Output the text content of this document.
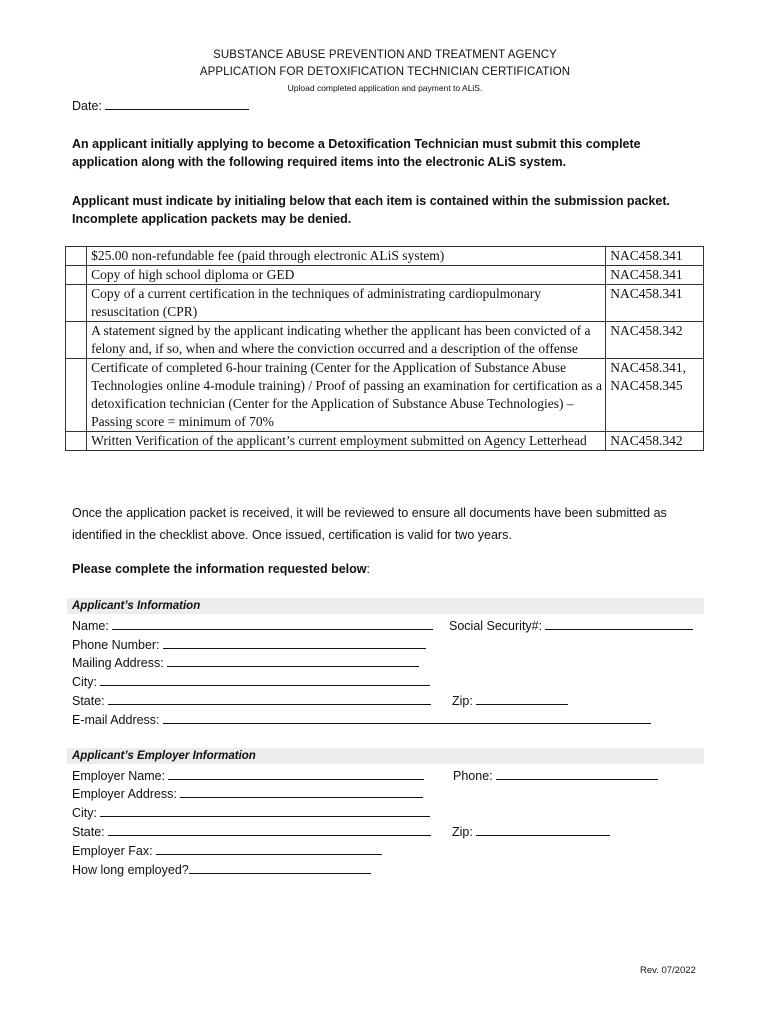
SUBSTANCE ABUSE PREVENTION AND TREATMENT AGENCY
APPLICATION FOR DETOXIFICATION TECHNICIAN CERTIFICATION
Upload completed application and payment to ALiS.
Date:
An applicant initially applying to become a Detoxification Technician must submit this complete application along with the following required items into the electronic ALiS system.
Applicant must indicate by initialing below that each item is contained within the submission packet. Incomplete application packets may be denied.
	$25.00 non-refundable fee (paid through electronic ALiS system)	NAC458.341
	Copy of high school diploma or GED	NAC458.341
	Copy of a current certification in the techniques of administrating cardiopulmonary resuscitation (CPR)	NAC458.341
	A statement signed by the applicant indicating whether the applicant has been convicted of a felony and, if so, when and where the conviction occurred and a description of the offense	NAC458.342
	Certificate of completed 6-hour training (Center for the Application of Substance Abuse Technologies online 4-module training) / Proof of passing an examination for certification as a detoxification technician (Center for the Application of Substance Abuse Technologies) – Passing score = minimum of 70%	NAC458.341, NAC458.345
	Written Verification of the applicant’s current employment submitted on Agency Letterhead	NAC458.342
Once the application packet is received, it will be reviewed to ensure all documents have been submitted as identified in the checklist above. Once issued, certification is valid for two years.
Please complete the information requested below:
Applicant’s Information
Name:	Social Security#:
Phone Number:
Mailing Address:
City:
State:	Zip:
E-mail Address:
Applicant’s Employer Information
Employer Name:	Phone:
Employer Address:
City:
State:	Zip:
Employer Fax:
How long employed?
Rev. 07/2022
